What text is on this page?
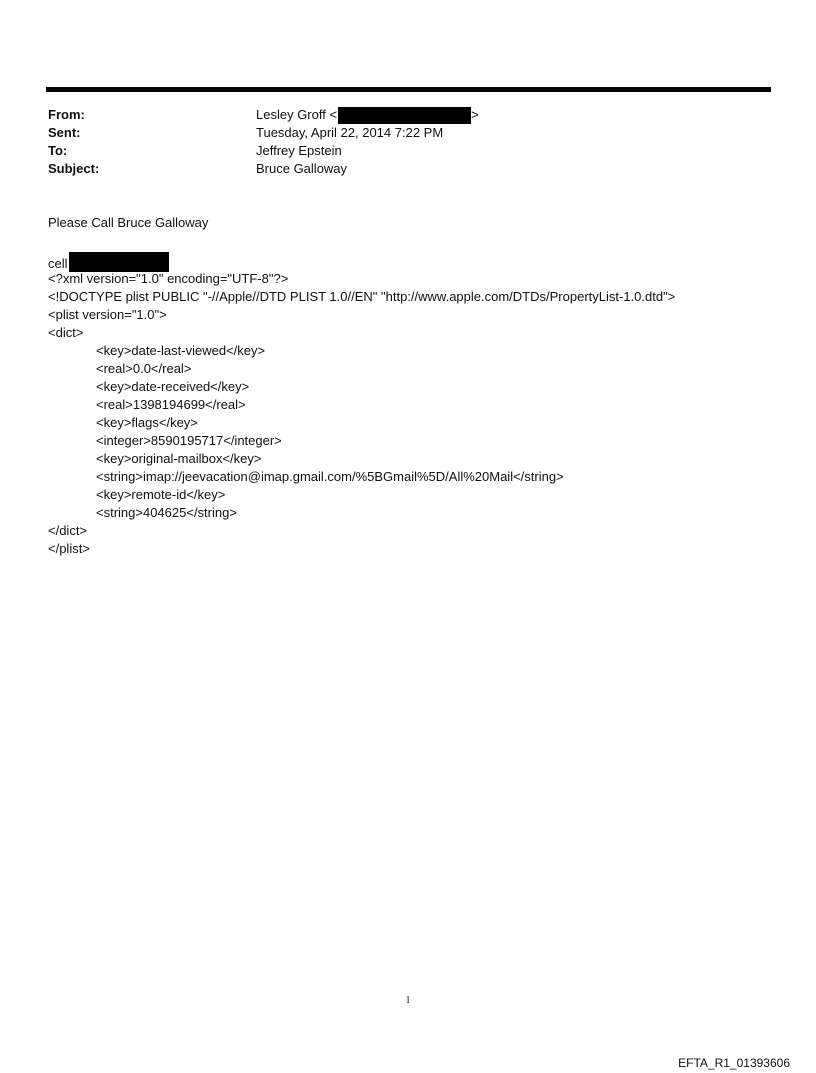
From:	Lesley Groff <	>
Sent:	Tuesday, April 22, 2014 7:22 PM
To:	Jeffrey Epstein
Subject:	Bruce Galloway
Please Call Bruce Galloway
cell
<?xml version="1.0" encoding="UTF-8"?>
<!DOCTYPE plist PUBLIC "-//Apple//DTD PLIST 1.0//EN" "http://www.apple.com/DTDs/PropertyList-1.0.dtd">
<plist version="1.0">
<dict>
<key>date-last-viewed</key>
<real>0.0</real>
<key>date-received</key>
<real>1398194699</real>
<key>flags</key>
<integer>8590195717</integer>
<key>original-mailbox</key>
<string>imap://jeevacation@imap.gmail.com/%5BGmail%5D/All%20Mail</string>
<key>remote-id</key>
<string>404625</string>
</dict>
</plist>
1
EFTA_R1_01393606
